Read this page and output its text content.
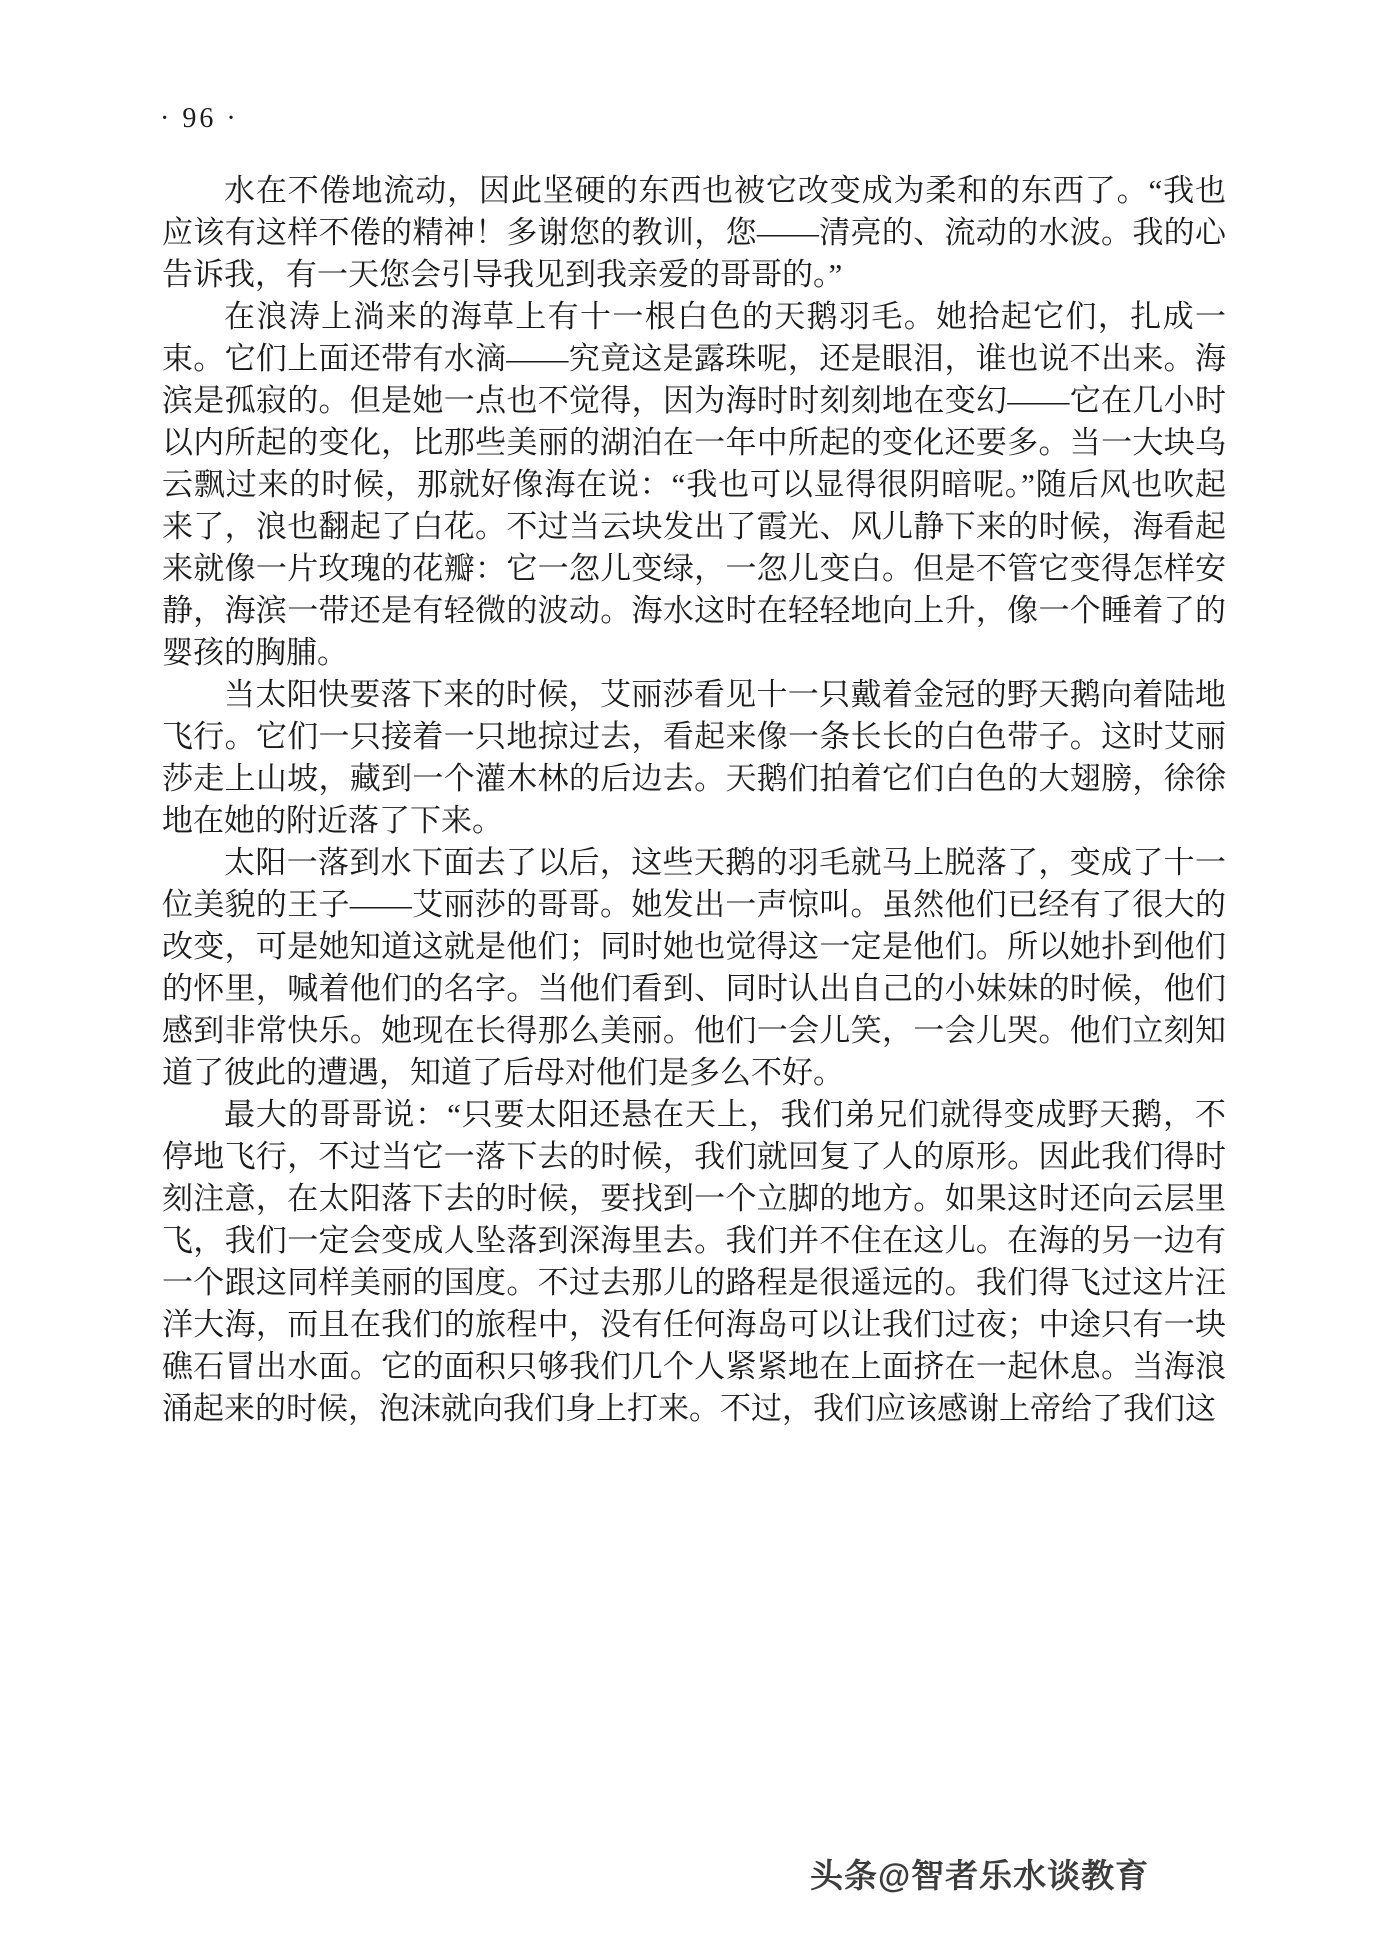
· 96 ·

水在不倦地流动，因此坚硬的东西也被它改变成为柔和的东西了。“我也应该有这样不倦的精神！多谢您的教训，您——清亮的、流动的水波。我的心告诉我，有一天您会引导我见到我亲爱的哥哥的。”

在浪涛上淌来的海草上有十一根白色的天鹅羽毛。她拾起它们，扎成一束。它们上面还带有水滴——究竟这是露珠呢，还是眼泪，谁也说不出来。海滨是孤寂的。但是她一点也不觉得，因为海时时刻刻地在变幻——它在几小时以内所起的变化，比那些美丽的湖泊在一年中所起的变化还要多。当一大块乌云飘过来的时候，那就好像海在说：“我也可以显得很阴暗呢。”随后风也吹起来了，浪也翻起了白花。不过当云块发出了霞光、风儿静下来的时候，海看起来就像一片玫瑰的花瓣：它一忽儿变绿，一忽儿变白。但是不管它变得怎样安静，海滨一带还是有轻微的波动。海水这时在轻轻地向上升，像一个睡着了的婴孩的胸脯。

当太阳快要落下来的时候，艾丽莎看见十一只戴着金冠的野天鹅向着陆地飞行。它们一只接着一只地掠过去，看起来像一条长长的白色带子。这时艾丽莎走上山坡，藏到一个灌木林的后边去。天鹅们拍着它们白色的大翅膀，徐徐地在她的附近落了下来。

太阳一落到水下面去了以后，这些天鹅的羽毛就马上脱落了，变成了十一位美貌的王子——艾丽莎的哥哥。她发出一声惊叫。虽然他们已经有了很大的改变，可是她知道这就是他们；同时她也觉得这一定是他们。所以她扑到他们的怀里，喊着他们的名字。当他们看到、同时认出自己的小妹妹的时候，他们感到非常快乐。她现在长得那么美丽。他们一会儿笑，一会儿哭。他们立刻知道了彼此的遭遇，知道了后母对他们是多么不好。

最大的哥哥说：“只要太阳还悬在天上，我们弟兄们就得变成野天鹅，不停地飞行，不过当它一落下去的时候，我们就回复了人的原形。因此我们得时刻注意，在太阳落下去的时候，要找到一个立脚的地方。如果这时还向云层里飞，我们一定会变成人坠落到深海里去。我们并不住在这儿。在海的另一边有一个跟这同样美丽的国度。不过去那儿的路程是很遥远的。我们得飞过这片汪洋大海，而且在我们的旅程中，没有任何海岛可以让我们过夜；中途只有一块礁石冒出水面。它的面积只够我们几个人紧紧地在上面挤在一起休息。当海浪涌起来的时候，泡沫就向我们身上打来。不过，我们应该感谢上帝给了我们这

头条@智者乐水谈教育
